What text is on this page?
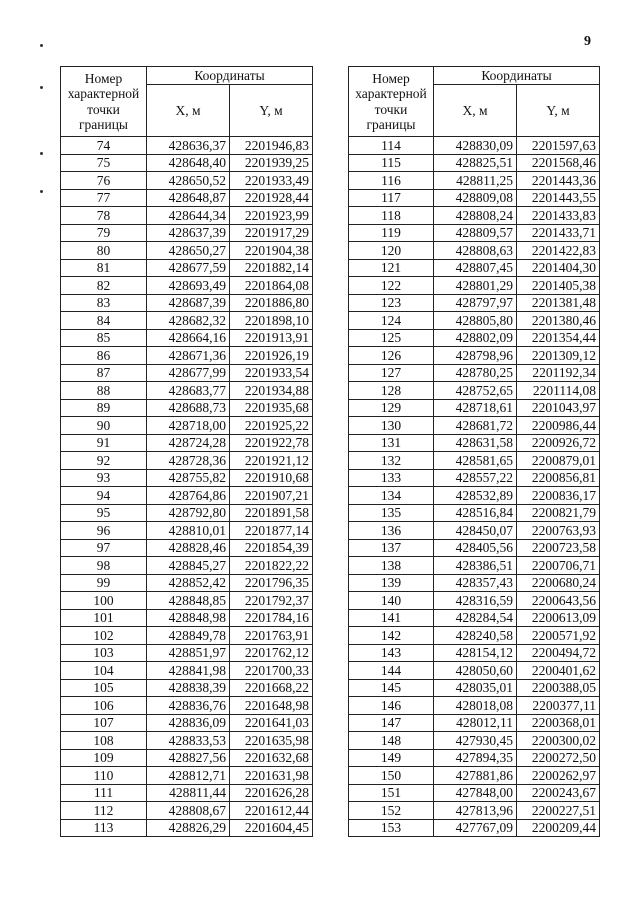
9
Номер
характерной
точки
границы	Координаты	
	X, м	Y, м
74	428636,37	2201946,83
75	428648,40	2201939,25
76	428650,52	2201933,49
77	428648,87	2201928,44
78	428644,34	2201923,99
79	428637,39	2201917,29
80	428650,27	2201904,38
81	428677,59	2201882,14
82	428693,49	2201864,08
83	428687,39	2201886,80
84	428682,32	2201898,10
85	428664,16	2201913,91
86	428671,36	2201926,19
87	428677,99	2201933,54
88	428683,77	2201934,88
89	428688,73	2201935,68
90	428718,00	2201925,22
91	428724,28	2201922,78
92	428728,36	2201921,12
93	428755,82	2201910,68
94	428764,86	2201907,21
95	428792,80	2201891,58
96	428810,01	2201877,14
97	428828,46	2201854,39
98	428845,27	2201822,22
99	428852,42	2201796,35
100	428848,85	2201792,37
101	428848,98	2201784,16
102	428849,78	2201763,91
103	428851,97	2201762,12
104	428841,98	2201700,33
105	428838,39	2201668,22
106	428836,76	2201648,98
107	428836,09	2201641,03
108	428833,53	2201635,98
109	428827,56	2201632,68
110	428812,71	2201631,98
111	428811,44	2201626,28
112	428808,67	2201612,44
113	428826,29	2201604,45
Номер
характерной
точки
границы	Координаты	
	X, м	Y, м
114	428830,09	2201597,63
115	428825,51	2201568,46
116	428811,25	2201443,36
117	428809,08	2201443,55
118	428808,24	2201433,83
119	428809,57	2201433,71
120	428808,63	2201422,83
121	428807,45	2201404,30
122	428801,29	2201405,38
123	428797,97	2201381,48
124	428805,80	2201380,46
125	428802,09	2201354,44
126	428798,96	2201309,12
127	428780,25	2201192,34
128	428752,65	2201114,08
129	428718,61	2201043,97
130	428681,72	2200986,44
131	428631,58	2200926,72
132	428581,65	2200879,01
133	428557,22	2200856,81
134	428532,89	2200836,17
135	428516,84	2200821,79
136	428450,07	2200763,93
137	428405,56	2200723,58
138	428386,51	2200706,71
139	428357,43	2200680,24
140	428316,59	2200643,56
141	428284,54	2200613,09
142	428240,58	2200571,92
143	428154,12	2200494,72
144	428050,60	2200401,62
145	428035,01	2200388,05
146	428018,08	2200377,11
147	428012,11	2200368,01
148	427930,45	2200300,02
149	427894,35	2200272,50
150	427881,86	2200262,97
151	427848,00	2200243,67
152	427813,96	2200227,51
153	427767,09	2200209,44
